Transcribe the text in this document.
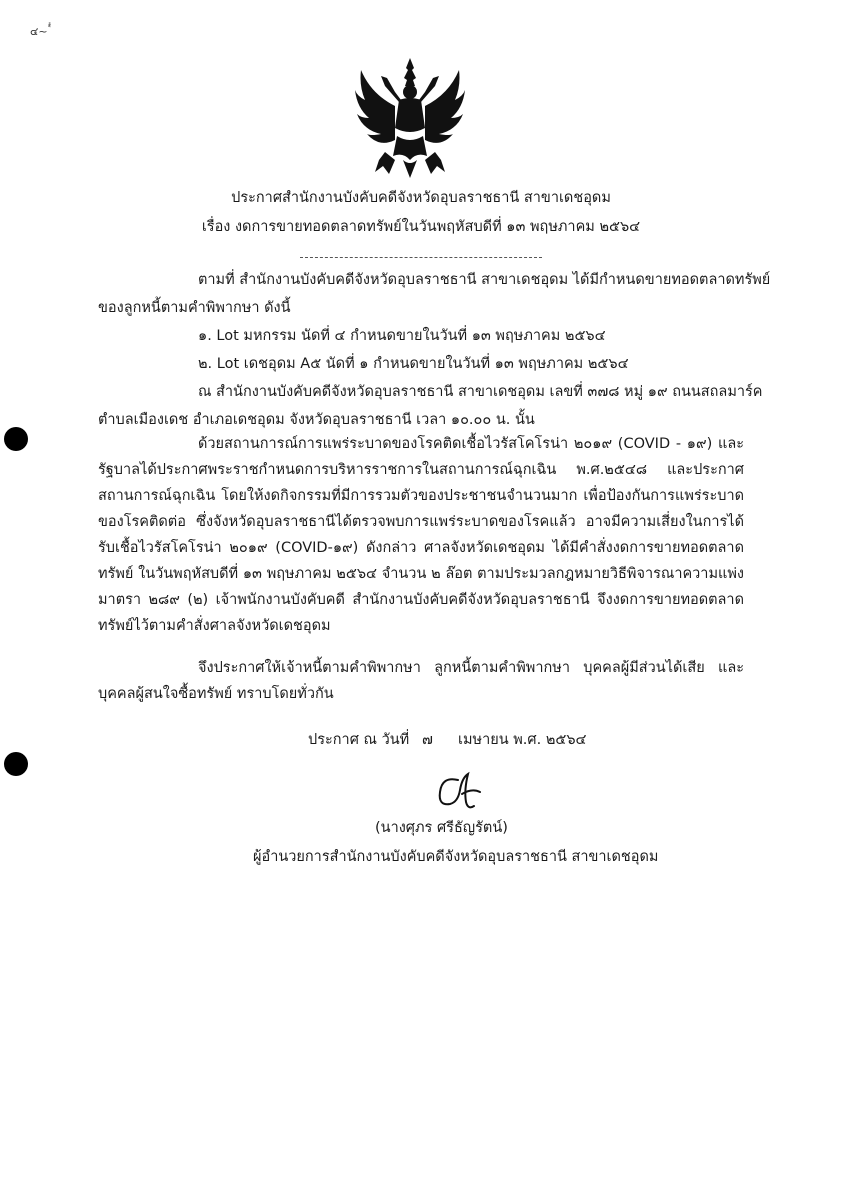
๔~ ๎ํ
ประกาศสำนักงานบังคับคดีจังหวัดอุบลราชธานี สาขาเดชอุดม
เรื่อง งดการขายทอดตลาดทรัพย์ในวันพฤหัสบดีที่ ๑๓ พฤษภาคม ๒๕๖๔
ตามที่ สำนักงานบังคับคดีจังหวัดอุบลราชธานี สาขาเดชอุดม ได้มีกำหนดขายทอดตลาดทรัพย์
ของลูกหนี้ตามคำพิพากษา ดังนี้
๑. Lot มหกรรม นัดที่ ๔ กำหนดขายในวันที่ ๑๓ พฤษภาคม ๒๕๖๔
๒. Lot เดชอุดม A๕ นัดที่ ๑ กำหนดขายในวันที่ ๑๓ พฤษภาคม ๒๕๖๔
ณ สำนักงานบังคับคดีจังหวัดอุบลราชธานี สาขาเดชอุดม เลขที่ ๓๗๘ หมู่ ๑๙ ถนนสถลมาร์ค
ตำบลเมืองเดช อำเภอเดชอุดม จังหวัดอุบลราชธานี เวลา ๑๐.๐๐ น. นั้น
ด้วยสถานการณ์การแพร่ระบาดของโรคติดเชื้อไวรัสโคโรน่า ๒๐๑๙ (COVID - ๑๙) และรัฐบาลได้ประกาศพระราชกำหนดการบริหารราชการในสถานการณ์ฉุกเฉิน พ.ศ.๒๕๔๘ และประกาศสถานการณ์ฉุกเฉิน โดยให้งดกิจกรรมที่มีการรวมตัวของประชาชนจำนวนมาก เพื่อป้องกันการแพร่ระบาดของโรคติดต่อ ซึ่งจังหวัดอุบลราชธานีได้ตรวจพบการแพร่ระบาดของโรคแล้ว อาจมีความเสี่ยงในการได้รับเชื้อไวรัสโคโรน่า ๒๐๑๙ (COVID-๑๙) ดังกล่าว ศาลจังหวัดเดชอุดม ได้มีคำสั่งงดการขายทอดตลาดทรัพย์ ในวันพฤหัสบดีที่ ๑๓ พฤษภาคม ๒๕๖๔ จำนวน ๒ ล๊อต ตามประมวลกฎหมายวิธีพิจารณาความแพ่ง มาตรา ๒๘๙ (๒) เจ้าพนักงานบังคับคดี สำนักงานบังคับคดีจังหวัดอุบลราชธานี จึงงดการขายทอดตลาดทรัพย์ไว้ตามคำสั่งศาลจังหวัดเดชอุดม
จึงประกาศให้เจ้าหนี้ตามคำพิพากษา ลูกหนี้ตามคำพิพากษา บุคคลผู้มีส่วนได้เสีย และบุคคลผู้สนใจซื้อทรัพย์ ทราบโดยทั่วกัน
ประกาศ ณ วันที่ ๗ เมษายน พ.ศ. ๒๕๖๔
(นางศุภร ศรีธัญรัตน์)
ผู้อำนวยการสำนักงานบังคับคดีจังหวัดอุบลราชธานี สาขาเดชอุดม
